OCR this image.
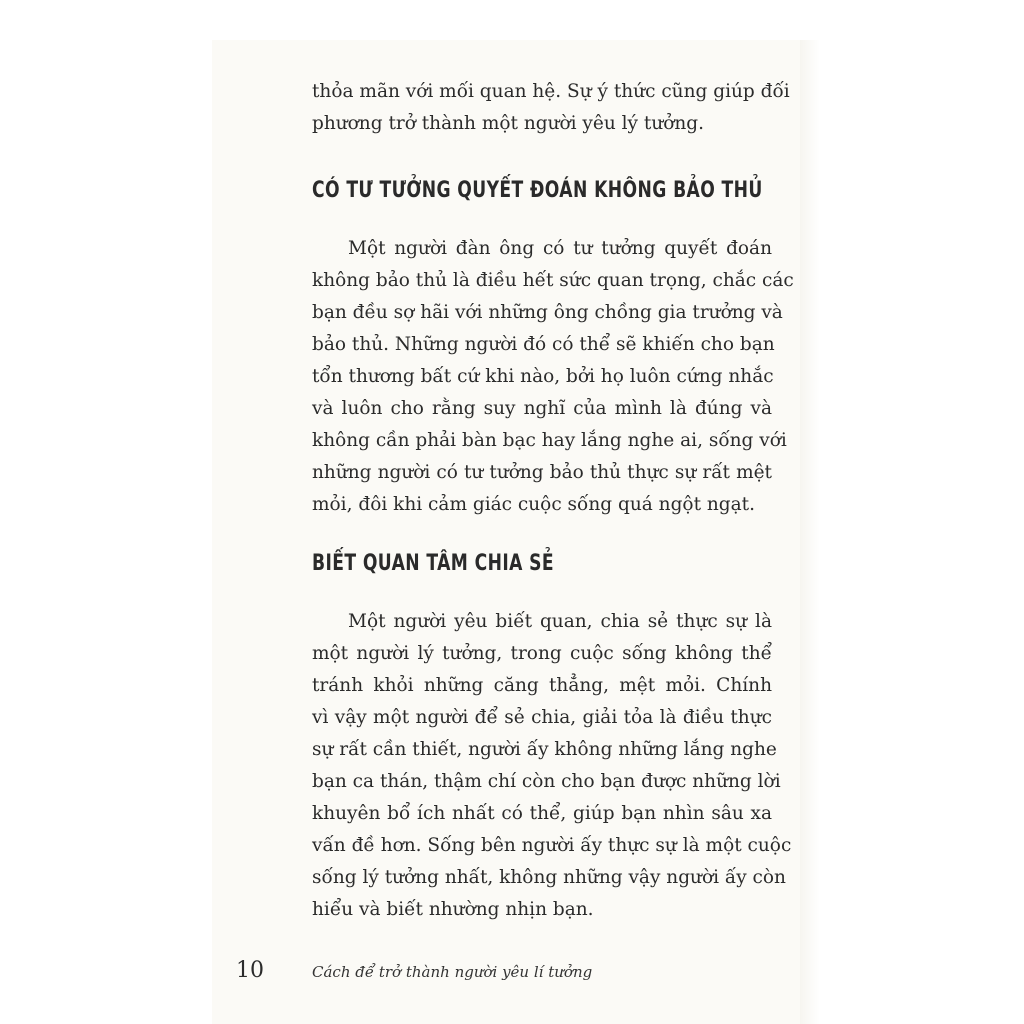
thỏa mãn với mối quan hệ. Sự ý thức cũng giúp đối
phương trở thành một người yêu lý tưởng.
CÓ TƯ TƯỞNG QUYẾT ĐOÁN KHÔNG BẢO THỦ
Một người đàn ông có tư tưởng quyết đoán
không bảo thủ là điều hết sức quan trọng, chắc các
bạn đều sợ hãi với những ông chồng gia trưởng và
bảo thủ. Những người đó có thể sẽ khiến cho bạn
tổn thương bất cứ khi nào, bởi họ luôn cứng nhắc
và luôn cho rằng suy nghĩ của mình là đúng và
không cần phải bàn bạc hay lắng nghe ai, sống với
những người có tư tưởng bảo thủ thực sự rất mệt
mỏi, đôi khi cảm giác cuộc sống quá ngột ngạt.
BIẾT QUAN TÂM CHIA SẺ
Một người yêu biết quan, chia sẻ thực sự là
một người lý tưởng, trong cuộc sống không thể
tránh khỏi những căng thẳng, mệt mỏi. Chính
vì vậy một người để sẻ chia, giải tỏa là điều thực
sự rất cần thiết, người ấy không những lắng nghe
bạn ca thán, thậm chí còn cho bạn được những lời
khuyên bổ ích nhất có thể, giúp bạn nhìn sâu xa
vấn đề hơn. Sống bên người ấy thực sự là một cuộc
sống lý tưởng nhất, không những vậy người ấy còn
hiểu và biết nhường nhịn bạn.
10	Cách để trở thành người yêu lí tưởng
